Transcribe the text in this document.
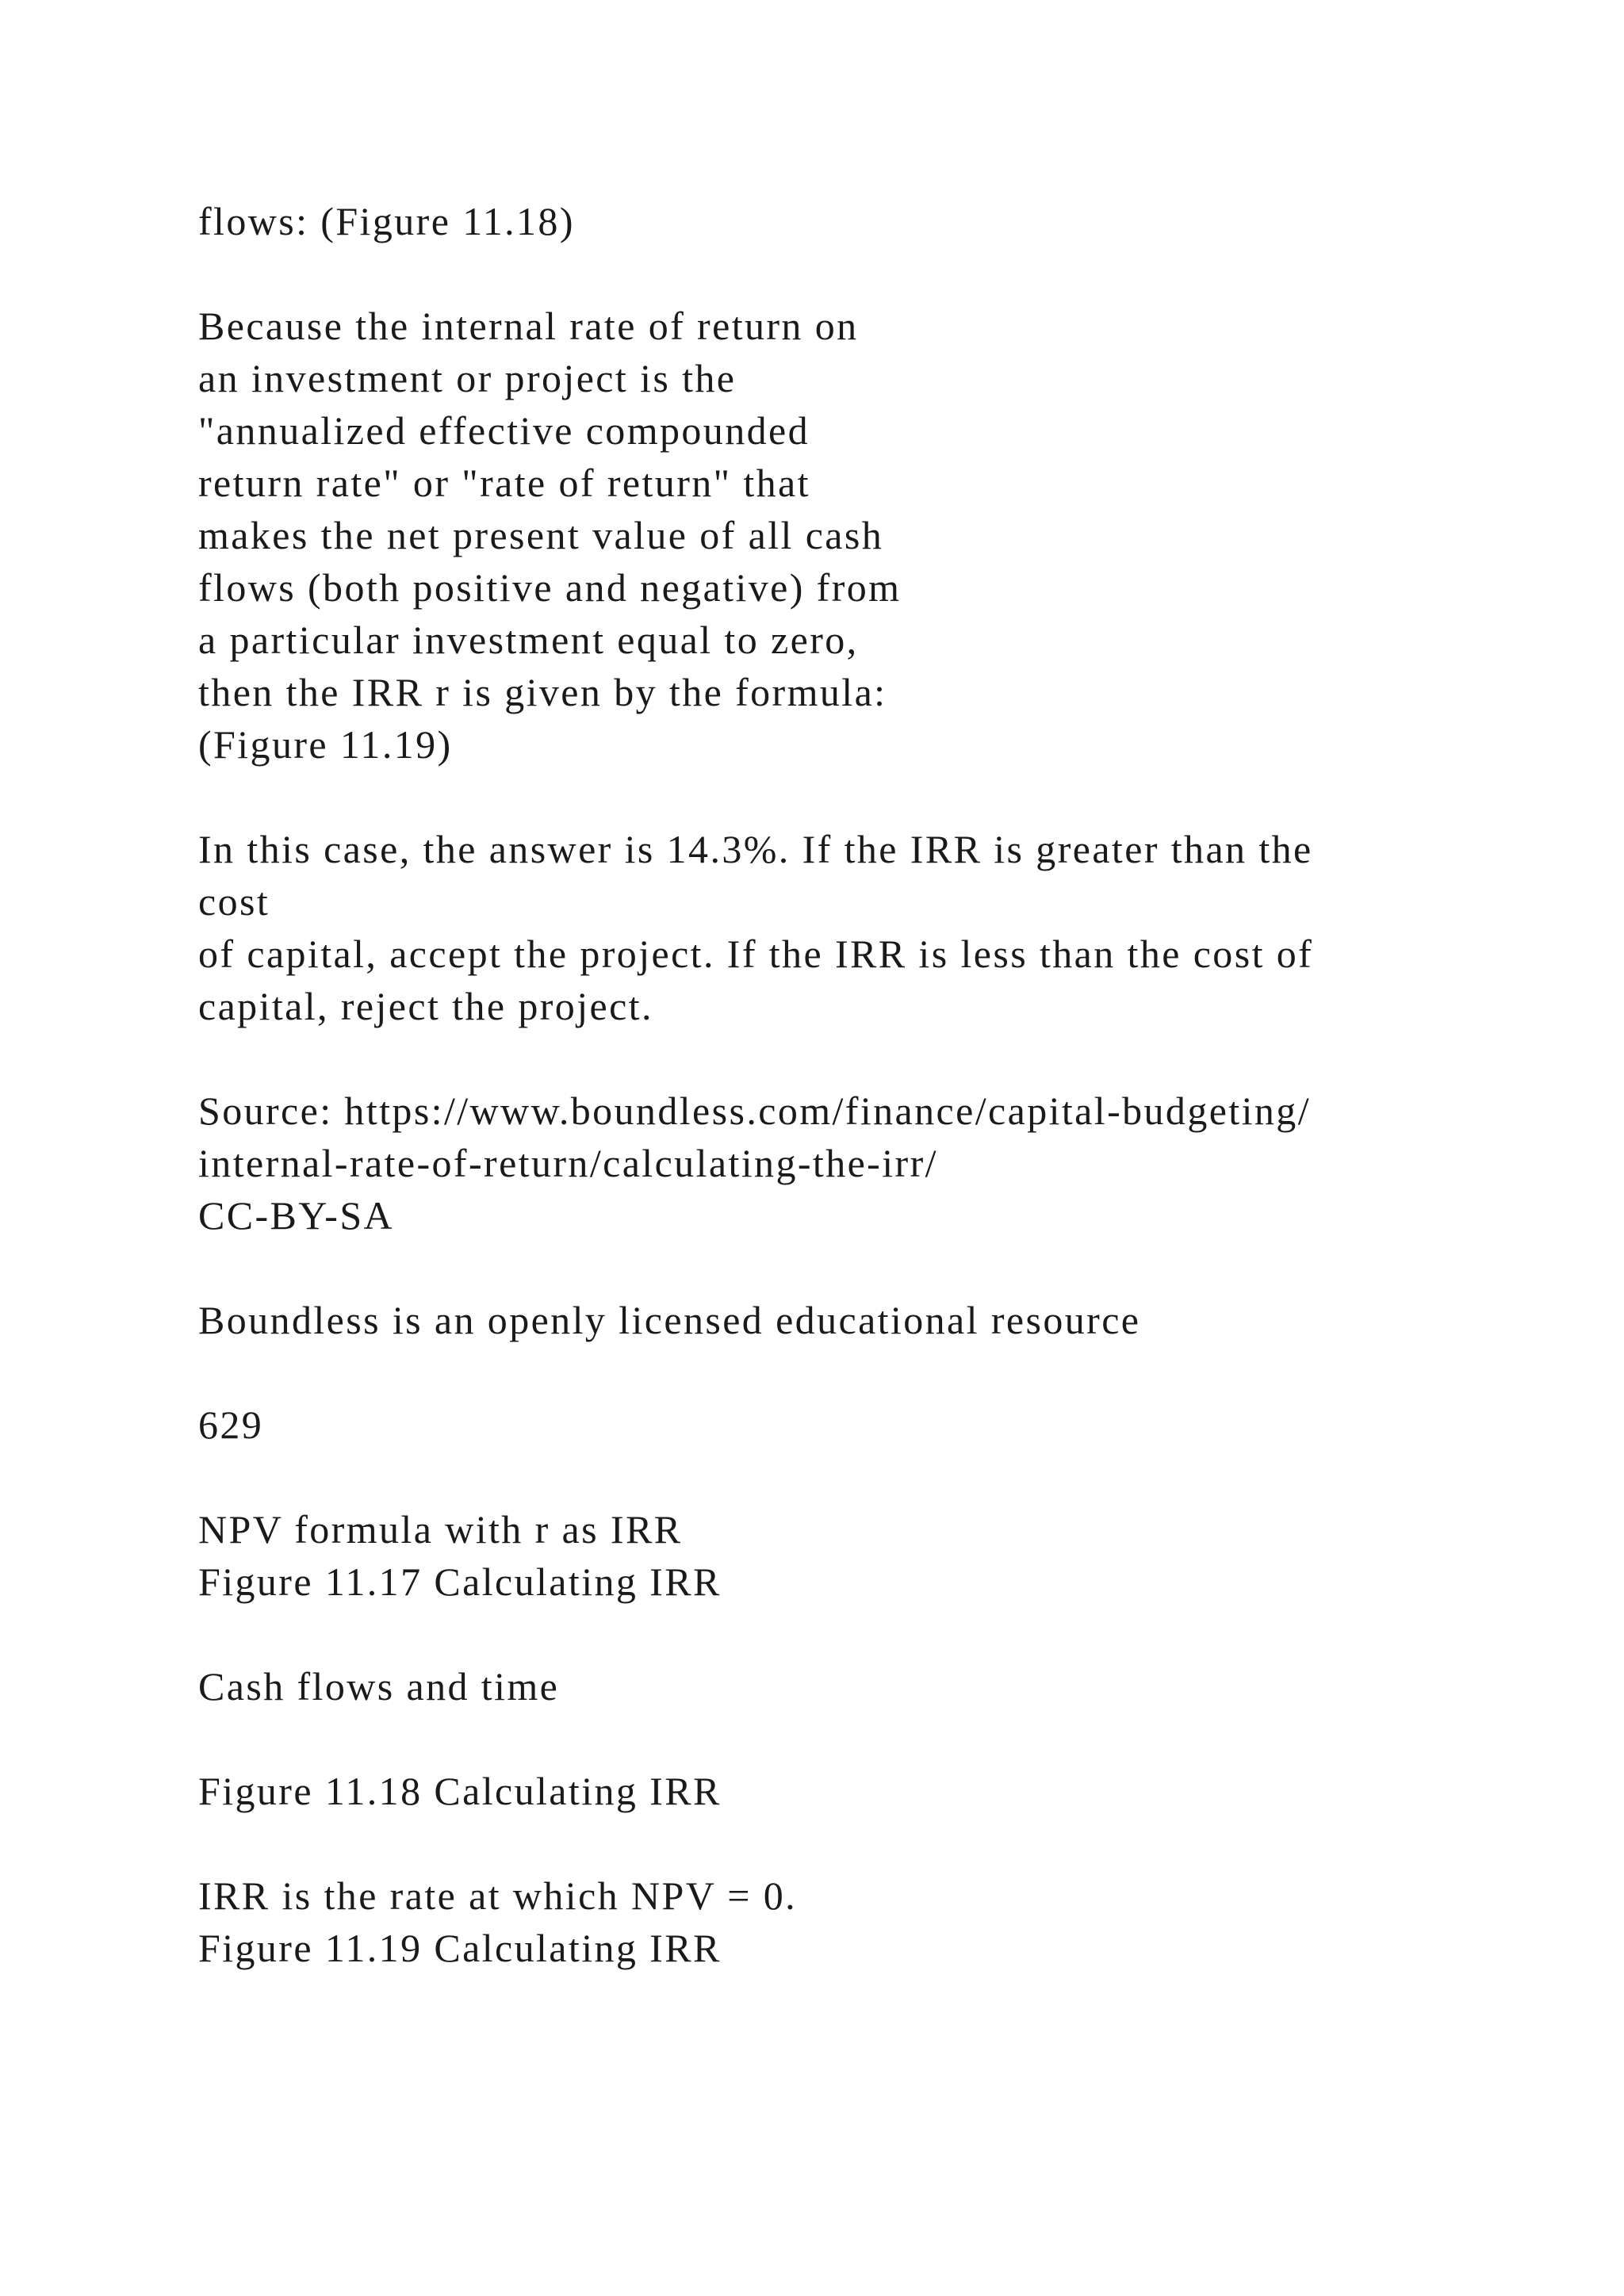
flows: (Figure 11.18)
Because the internal rate of return on
an investment or project is the
"annualized effective compounded
return rate" or "rate of return" that
makes the net present value of all cash
flows (both positive and negative) from
a particular investment equal to zero,
then the IRR r is given by the formula:
(Figure 11.19)
In this case, the answer is 14.3%. If the IRR is greater than the
cost
of capital, accept the project. If the IRR is less than the cost of
capital, reject the project.
Source: https://www.boundless.com/finance/capital-budgeting/
internal-rate-of-return/calculating-the-irr/
CC-BY-SA
Boundless is an openly licensed educational resource
629
NPV formula with r as IRR
Figure 11.17 Calculating IRR
Cash flows and time
Figure 11.18 Calculating IRR
IRR is the rate at which NPV = 0.
Figure 11.19 Calculating IRR
